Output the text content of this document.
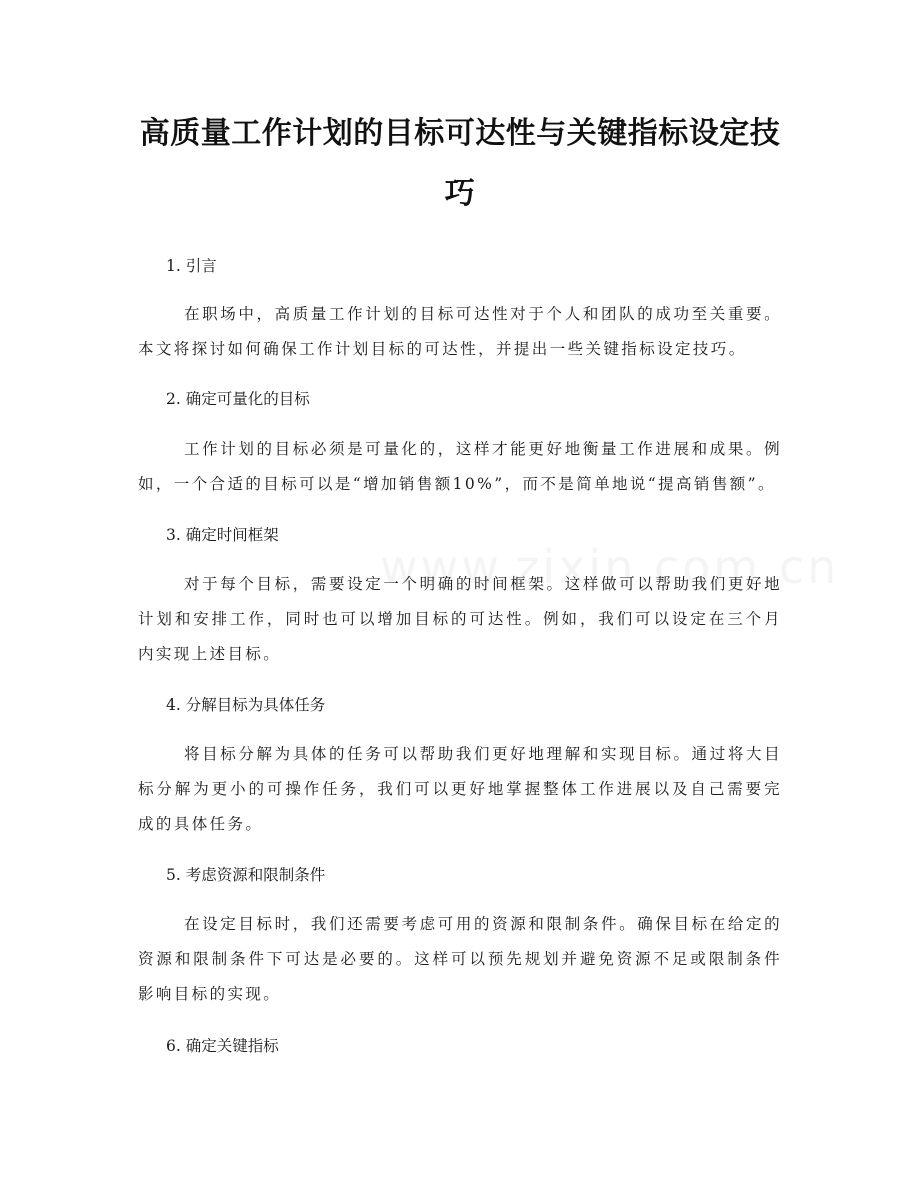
高质量工作计划的目标可达性与关键指标设定技巧

1. 引言

在职场中，高质量工作计划的目标可达性对于个人和团队的成功至关重要。本文将探讨如何确保工作计划目标的可达性，并提出一些关键指标设定技巧。

2. 确定可量化的目标

工作计划的目标必须是可量化的，这样才能更好地衡量工作进展和成果。例如，一个合适的目标可以是“增加销售额10%”，而不是简单地说“提高销售额”。

3. 确定时间框架

对于每个目标，需要设定一个明确的时间框架。这样做可以帮助我们更好地计划和安排工作，同时也可以增加目标的可达性。例如，我们可以设定在三个月内实现上述目标。

4. 分解目标为具体任务

将目标分解为具体的任务可以帮助我们更好地理解和实现目标。通过将大目标分解为更小的可操作任务，我们可以更好地掌握整体工作进展以及自己需要完成的具体任务。

5. 考虑资源和限制条件

在设定目标时，我们还需要考虑可用的资源和限制条件。确保目标在给定的资源和限制条件下可达是必要的。这样可以预先规划并避免资源不足或限制条件影响目标的实现。

6. 确定关键指标
